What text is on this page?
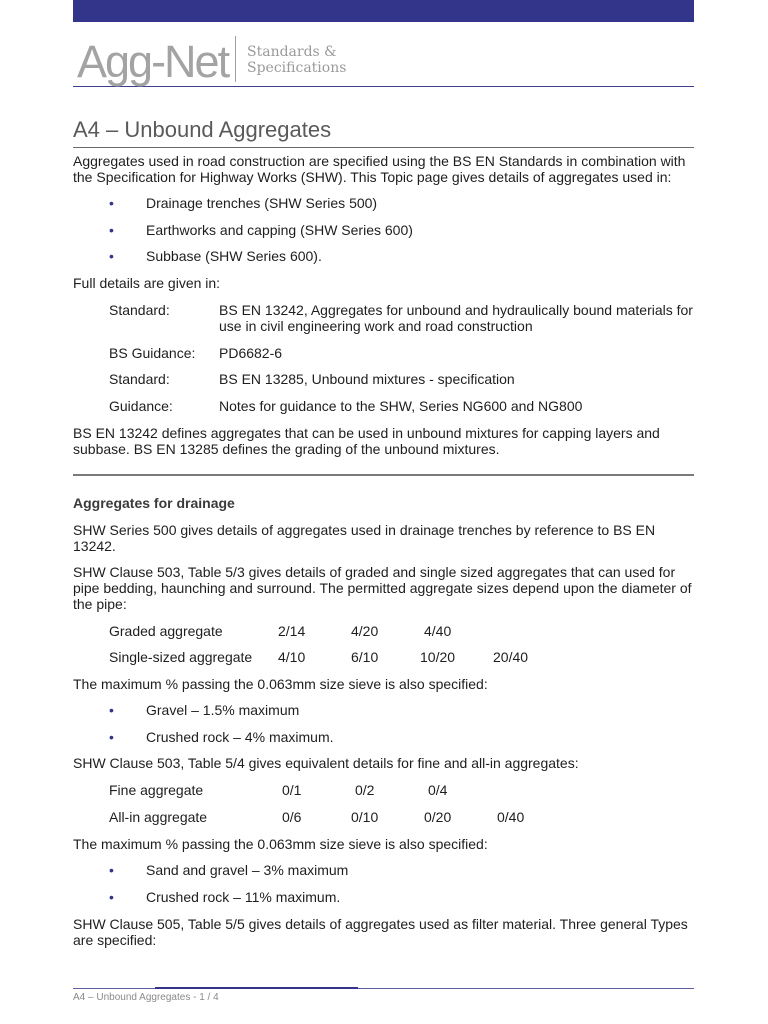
Agg-Net Standards &
Specifications
A4 – Unbound Aggregates

Aggregates used in road construction are specified using the BS EN Standards in combination with the Specification for Highway Works (SHW). This Topic page gives details of aggregates used in:

• Drainage trenches (SHW Series 500)
• Earthworks and capping (SHW Series 600)
• Subbase (SHW Series 600).

Full details are given in:

Standard:	BS EN 13242, Aggregates for unbound and hydraulically bound materials for use in civil engineering work and road construction
BS Guidance: PD6682-6
Standard:	BS EN 13285, Unbound mixtures - specification
Guidance:	Notes for guidance to the SHW, Series NG600 and NG800

BS EN 13242 defines aggregates that can be used in unbound mixtures for capping layers and subbase. BS EN 13285 defines the grading of the unbound mixtures.

Aggregates for drainage

SHW Series 500 gives details of aggregates used in drainage trenches by reference to BS EN 13242.

SHW Clause 503, Table 5/3 gives details of graded and single sized aggregates that can used for pipe bedding, haunching and surround. The permitted aggregate sizes depend upon the diameter of the pipe:

Graded aggregate	2/14	4/20	4/40
Single-sized aggregate 4/10	6/10	10/20	20/40

The maximum % passing the 0.063mm size sieve is also specified:

• Gravel – 1.5% maximum
• Crushed rock – 4% maximum.

SHW Clause 503, Table 5/4 gives equivalent details for fine and all-in aggregates:

Fine aggregate	0/1	0/2	0/4
All-in aggregate	0/6	0/10	0/20	0/40

The maximum % passing the 0.063mm size sieve is also specified:

• Sand and gravel – 3% maximum
• Crushed rock – 11% maximum.

SHW Clause 505, Table 5/5 gives details of aggregates used as filter material. Three general Types are specified:

A4 – Unbound Aggregates - 1 / 4
